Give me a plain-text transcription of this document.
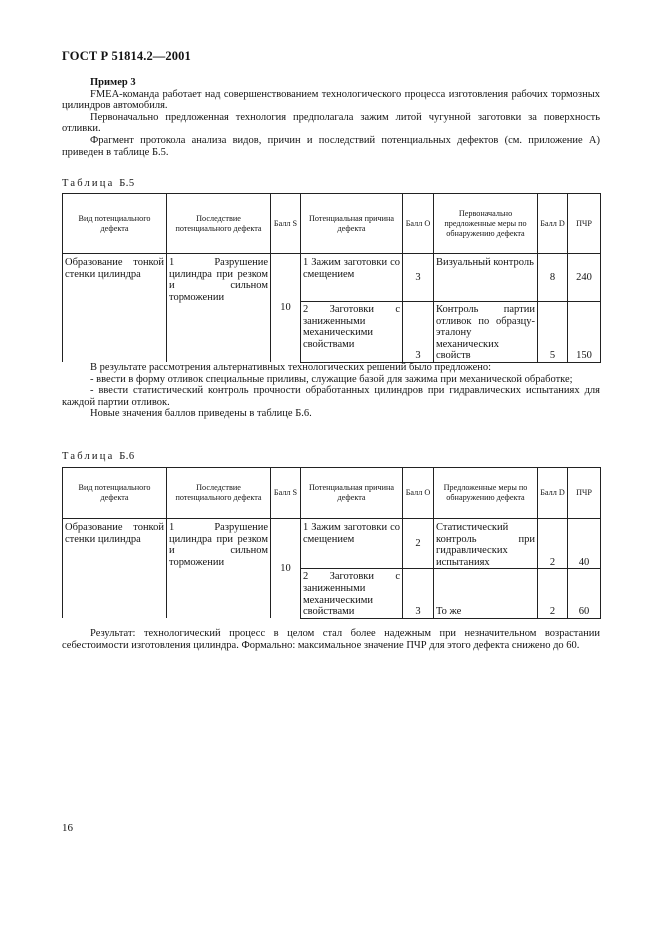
ГОСТ Р 51814.2—2001

Пример 3

FMEA-команда работает над совершенствованием технологического процесса изготовления рабочих тормозных цилиндров автомобиля.

Первоначально предложенная технология предполагала зажим литой чугунной заготовки за поверхность отливки.

Фрагмент протокола анализа видов, причин и последствий потенциальных дефектов (см. приложение А) приведен в таблице Б.5.

Таблица Б.5
Вид потенциального дефекта	Последствие потенциального дефекта	Балл S	Потенциальная причина дефекта	Балл O	Первоначально предложенные меры по обнаружению дефекта	Балл D	ПЧР
Образование тонкой стенки цилиндра	1 Разрушение цилиндра при резком и сильном торможении	10	1 Зажим заготовки со смещением	3	Визуальный контроль	8	240
			2 Заготовки с заниженными механическими свойствами	3	Контроль партии отливок по образцу-эталону механических свойств	5	150

В результате рассмотрения альтернативных технологических решений было предложено:

- ввести в форму отливок специальные приливы, служащие базой для зажима при механической обработке;

- ввести статистический контроль прочности обработанных цилиндров при гидравлических испытаниях для каждой партии отливок.

Новые значения баллов приведены в таблице Б.6.

Таблица Б.6
Вид потенциального дефекта	Последствие потенциального дефекта	Балл S	Потенциальная причина дефекта	Балл O	Предложенные меры по обнаружению дефекта	Балл D	ПЧР
Образование тонкой стенки цилиндра	1 Разрушение цилиндра при резком и сильном торможении	10	1 Зажим заготовки со смещением	2	Статистический контроль при гидравлических испытаниях	2	40
			2 Заготовки с заниженными механическими свойствами	3	То же	2	60

Результат: технологический процесс в целом стал более надежным при незначительном возрастании себестоимости изготовления цилиндра. Формально: максимальное значение ПЧР для этого дефекта снижено до 60.

16
